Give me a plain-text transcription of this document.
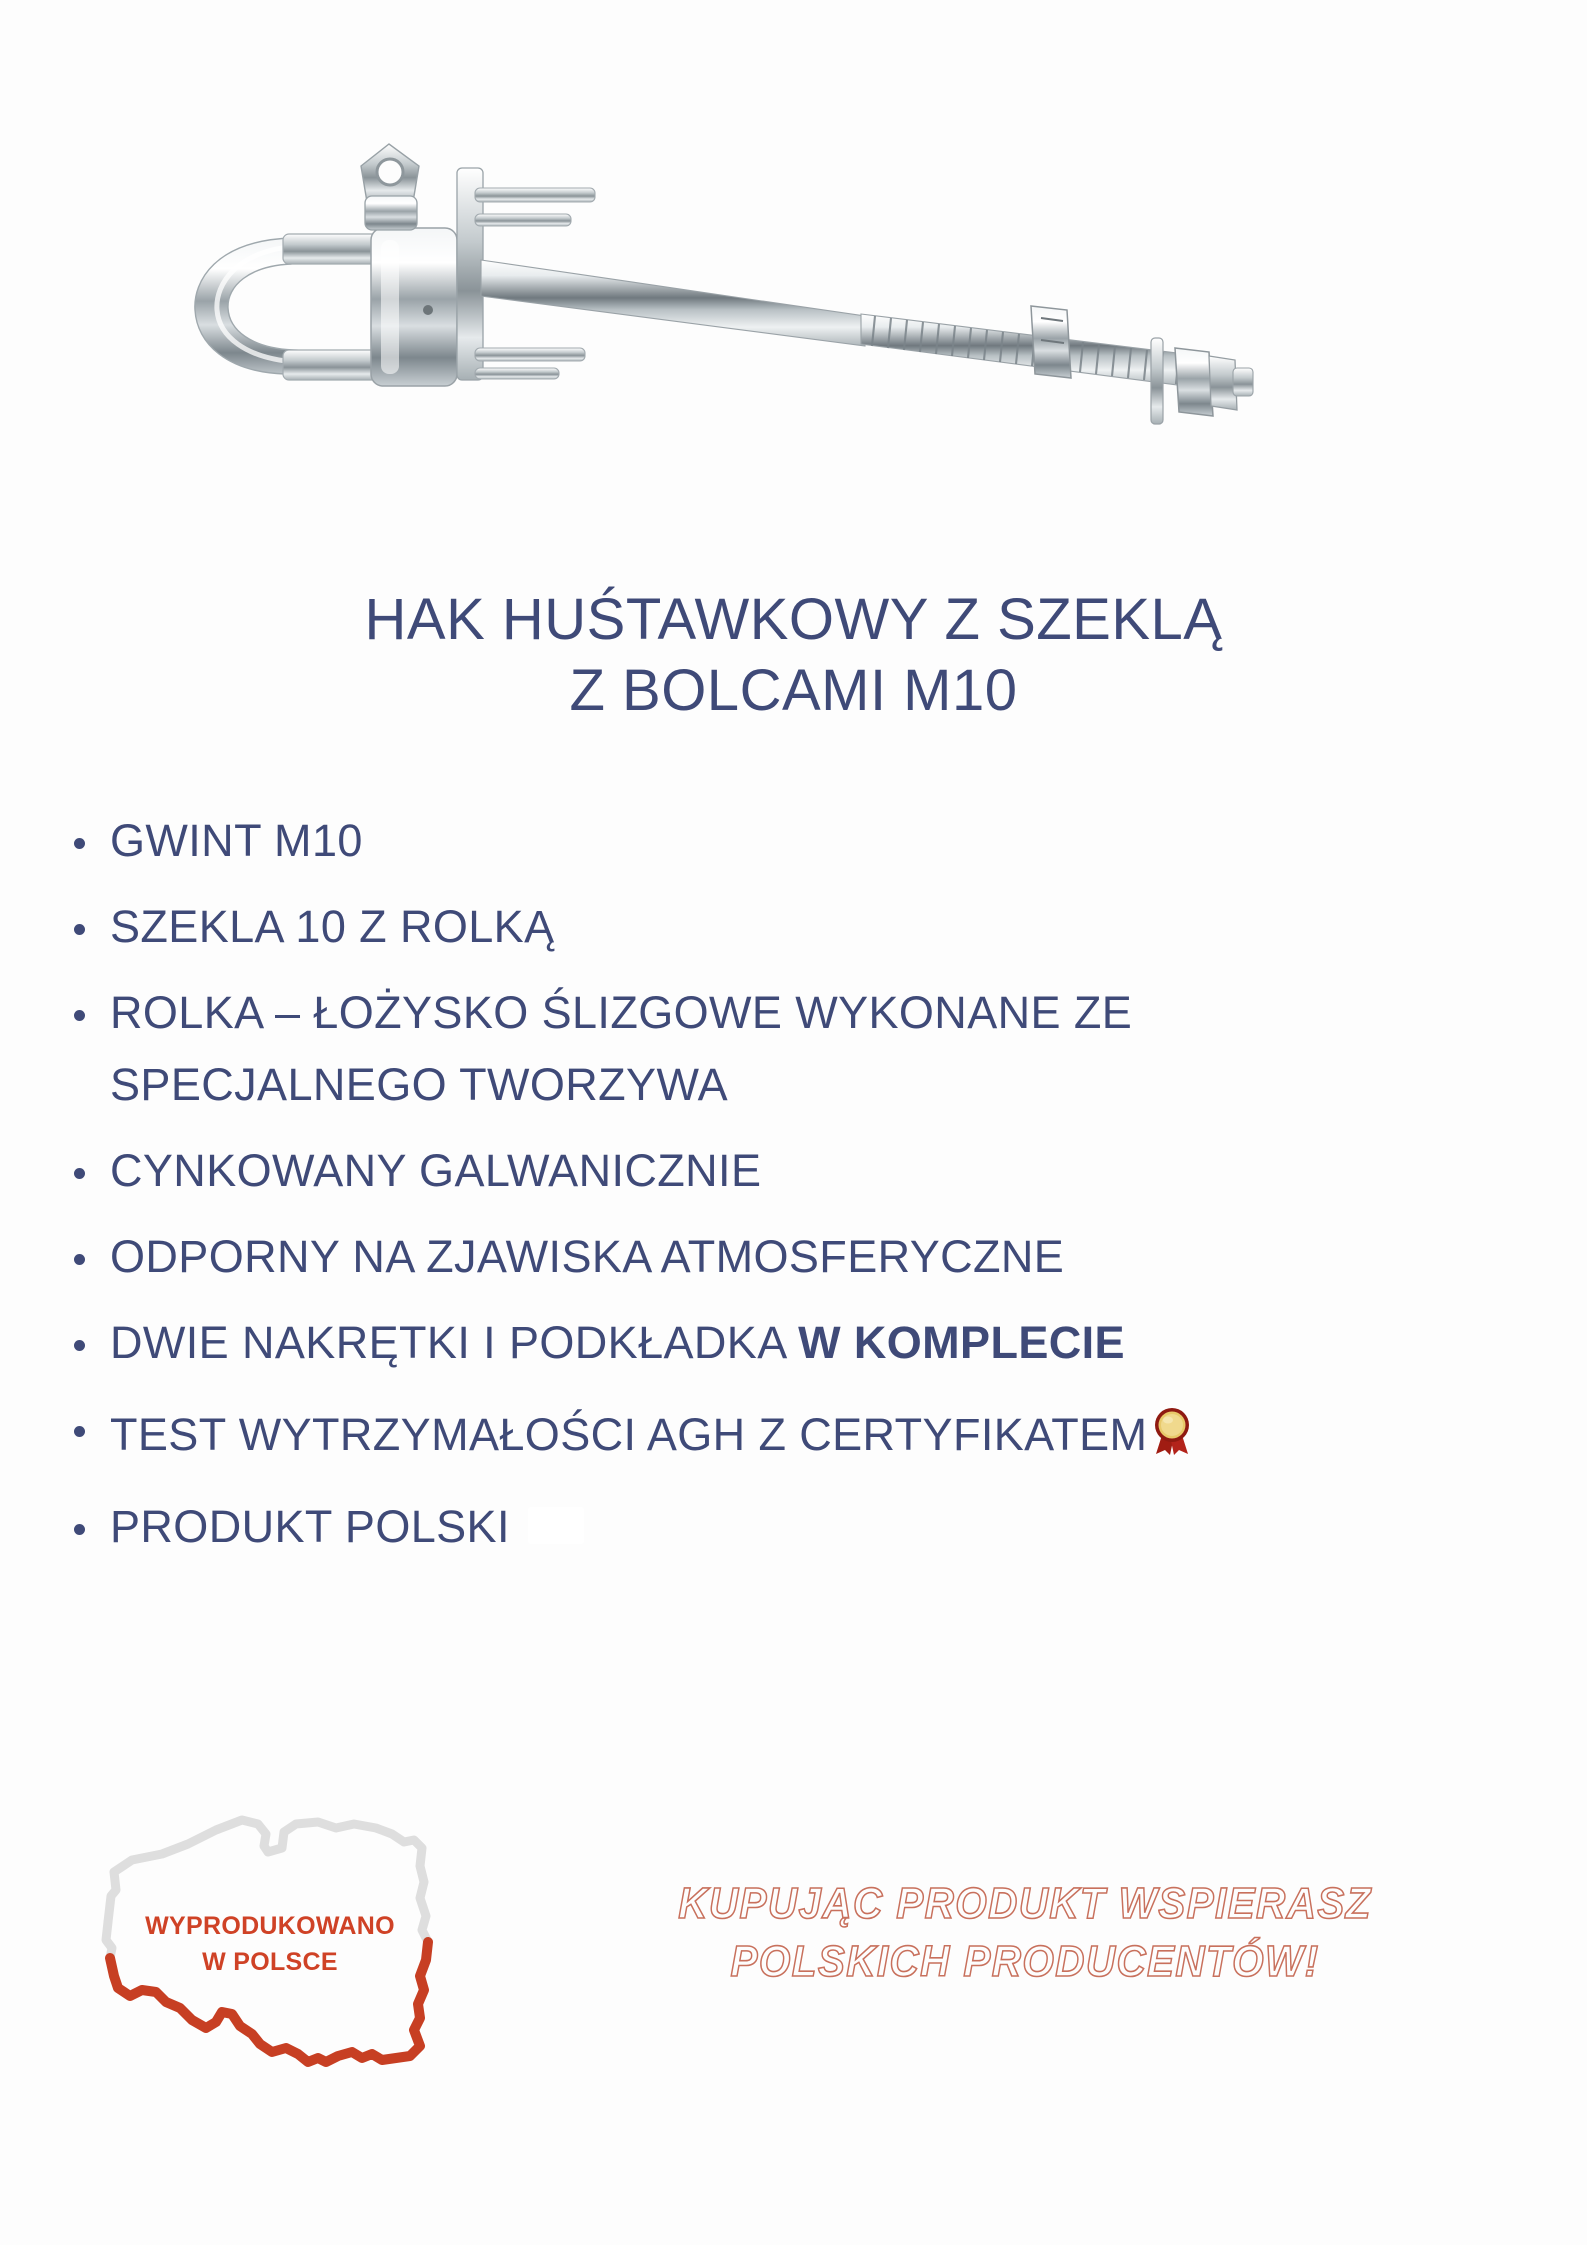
HAK HUŚTAWKOWY Z SZEKLĄ
Z BOLCAMI M10
GWINT M10
SZEKLA 10 Z ROLKĄ
ROLKA – ŁOŻYSKO ŚLIZGOWE WYKONANE ZE
SPECJALNEGO TWORZYWA
CYNKOWANY GALWANICZNIE
ODPORNY NA ZJAWISKA ATMOSFERYCZNE
DWIE NAKRĘTKI I PODKŁADKA W KOMPLECIE
TEST WYTRZYMAŁOŚCI AGH Z CERTYFIKATEM
PRODUKT POLSKI
WYPRODUKOWANO
W POLSCE
KUPUJĄC PRODUKT WSPIERASZ
POLSKICH PRODUCENTÓW!
